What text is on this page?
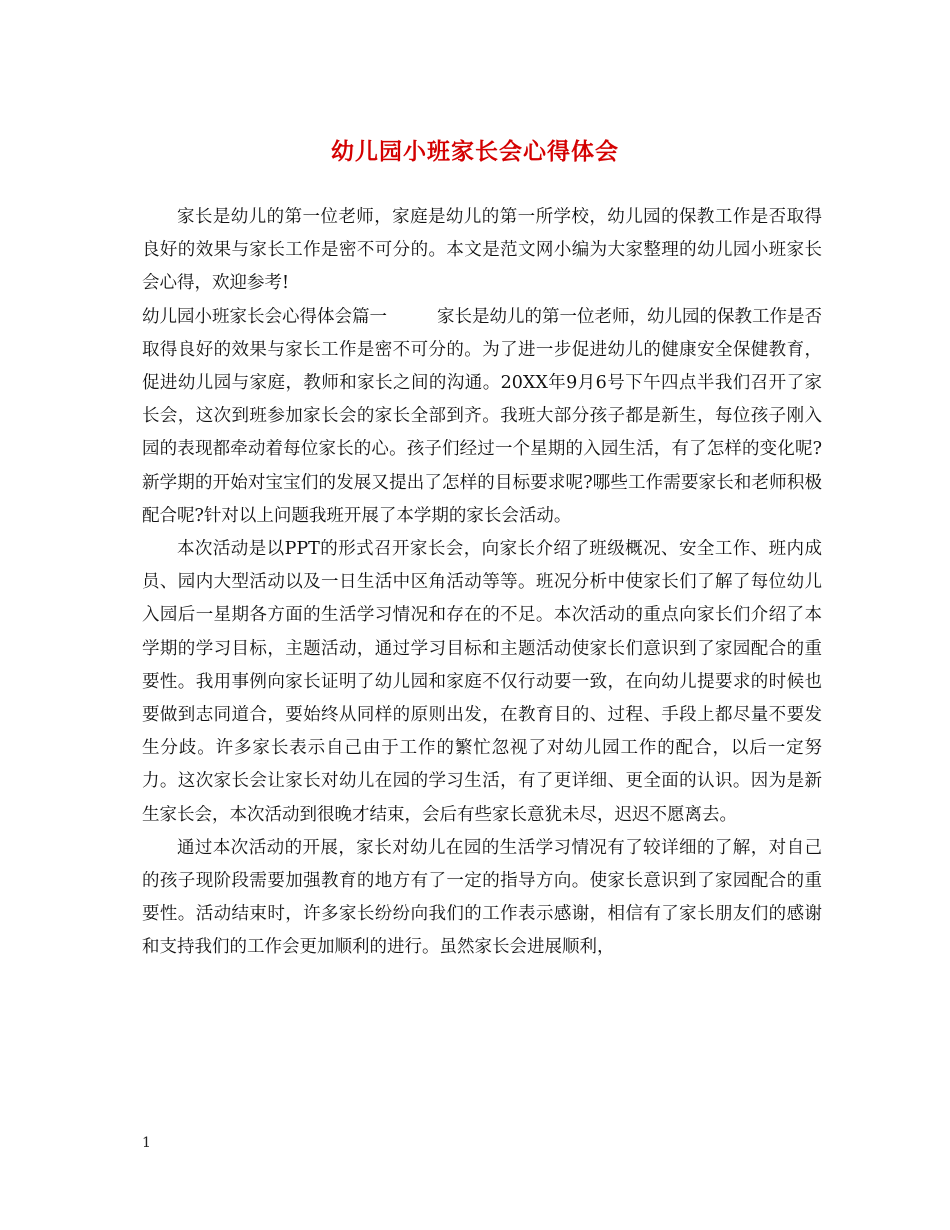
幼儿园小班家长会心得体会

家长是幼儿的第一位老师，家庭是幼儿的第一所学校，幼儿园的保教工作是否取得良好的效果与家长工作是密不可分的。本文是范文网小编为大家整理的幼儿园小班家长会心得，欢迎参考!

幼儿园小班家长会心得体会篇一	家长是幼儿的第一位老师，幼儿园的保教工作是否取得良好的效果与家长工作是密不可分的。为了进一步促进幼儿的健康安全保健教育，促进幼儿园与家庭，教师和家长之间的沟通。20XX年9月6号下午四点半我们召开了家长会，这次到班参加家长会的家长全部到齐。我班大部分孩子都是新生，每位孩子刚入园的表现都牵动着每位家长的心。孩子们经过一个星期的入园生活，有了怎样的变化呢?新学期的开始对宝宝们的发展又提出了怎样的目标要求呢?哪些工作需要家长和老师积极配合呢?针对以上问题我班开展了本学期的家长会活动。

本次活动是以PPT的形式召开家长会，向家长介绍了班级概况、安全工作、班内成员、园内大型活动以及一日生活中区角活动等等。班况分析中使家长们了解了每位幼儿入园后一星期各方面的生活学习情况和存在的不足。本次活动的重点向家长们介绍了本学期的学习目标，主题活动，通过学习目标和主题活动使家长们意识到了家园配合的重要性。我用事例向家长证明了幼儿园和家庭不仅行动要一致，在向幼儿提要求的时候也要做到志同道合，要始终从同样的原则出发，在教育目的、过程、手段上都尽量不要发生分歧。许多家长表示自己由于工作的繁忙忽视了对幼儿园工作的配合，以后一定努力。这次家长会让家长对幼儿在园的学习生活，有了更详细、更全面的认识。因为是新生家长会，本次活动到很晚才结束，会后有些家长意犹未尽，迟迟不愿离去。

通过本次活动的开展，家长对幼儿在园的生活学习情况有了较详细的了解，对自己的孩子现阶段需要加强教育的地方有了一定的指导方向。使家长意识到了家园配合的重要性。活动结束时，许多家长纷纷向我们的工作表示感谢，相信有了家长朋友们的感谢和支持我们的工作会更加顺利的进行。虽然家长会进展顺利，

1
